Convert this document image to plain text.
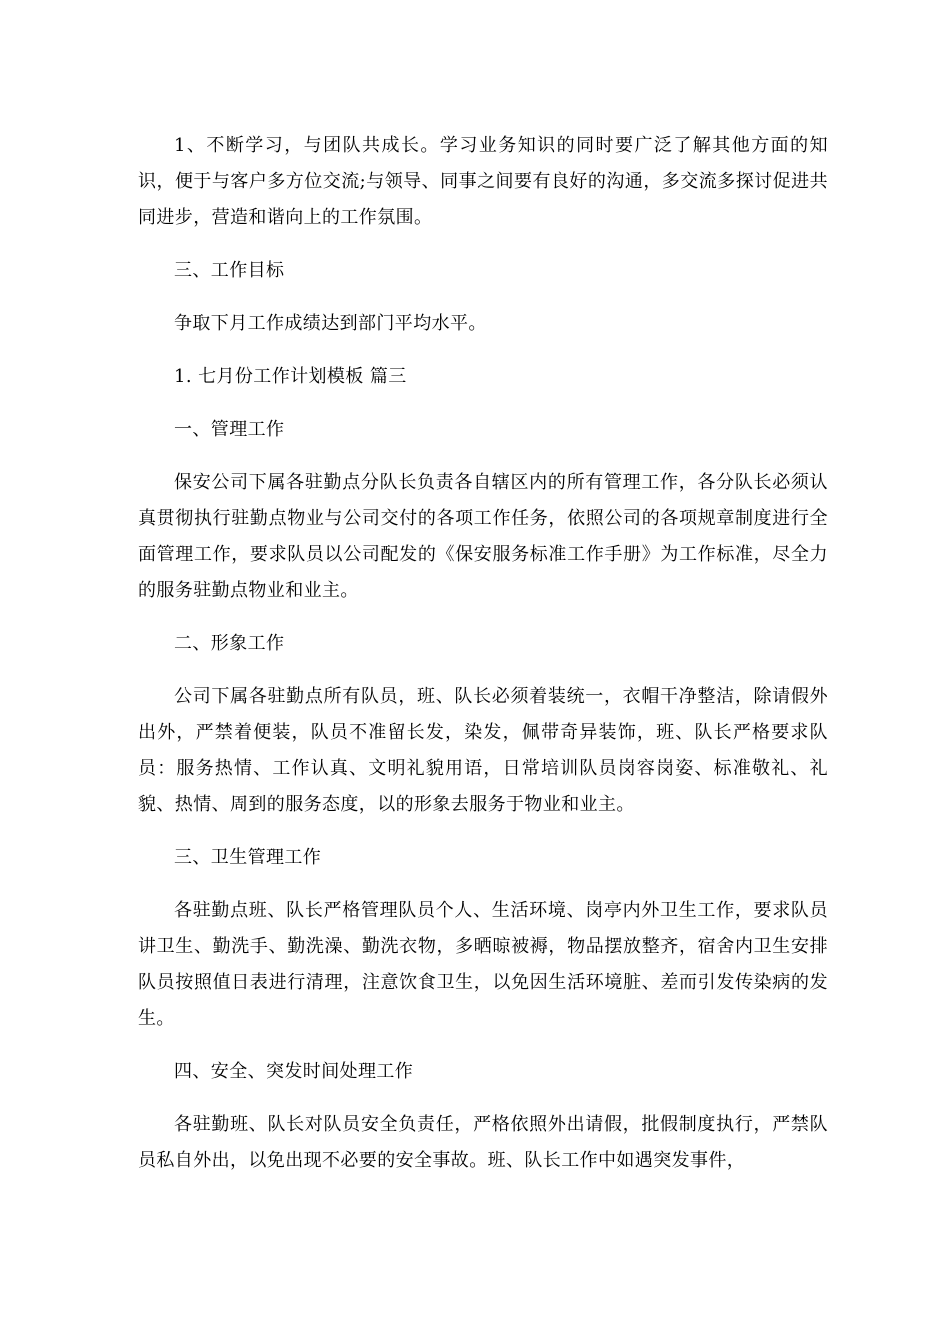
1、不断学习，与团队共成长。学习业务知识的同时要广泛了解其他方面的知识，便于与客户多方位交流;与领导、同事之间要有良好的沟通，多交流多探讨促进共同进步，营造和谐向上的工作氛围。

三、工作目标

争取下月工作成绩达到部门平均水平。

1. 七月份工作计划模板 篇三

一、管理工作

保安公司下属各驻勤点分队长负责各自辖区内的所有管理工作，各分队长必须认真贯彻执行驻勤点物业与公司交付的各项工作任务，依照公司的各项规章制度进行全面管理工作，要求队员以公司配发的《保安服务标准工作手册》为工作标准，尽全力的服务驻勤点物业和业主。

二、形象工作

公司下属各驻勤点所有队员，班、队长必须着装统一，衣帽干净整洁，除请假外出外，严禁着便装，队员不准留长发，染发，佩带奇异装饰，班、队长严格要求队员：服务热情、工作认真、文明礼貌用语，日常培训队员岗容岗姿、标准敬礼、礼貌、热情、周到的服务态度，以的形象去服务于物业和业主。

三、卫生管理工作

各驻勤点班、队长严格管理队员个人、生活环境、岗亭内外卫生工作，要求队员讲卫生、勤洗手、勤洗澡、勤洗衣物，多晒晾被褥，物品摆放整齐，宿舍内卫生安排队员按照值日表进行清理，注意饮食卫生，以免因生活环境脏、差而引发传染病的发生。

四、安全、突发时间处理工作

各驻勤班、队长对队员安全负责任，严格依照外出请假，批假制度执行，严禁队员私自外出，以免出现不必要的安全事故。班、队长工作中如遇突发事件，
